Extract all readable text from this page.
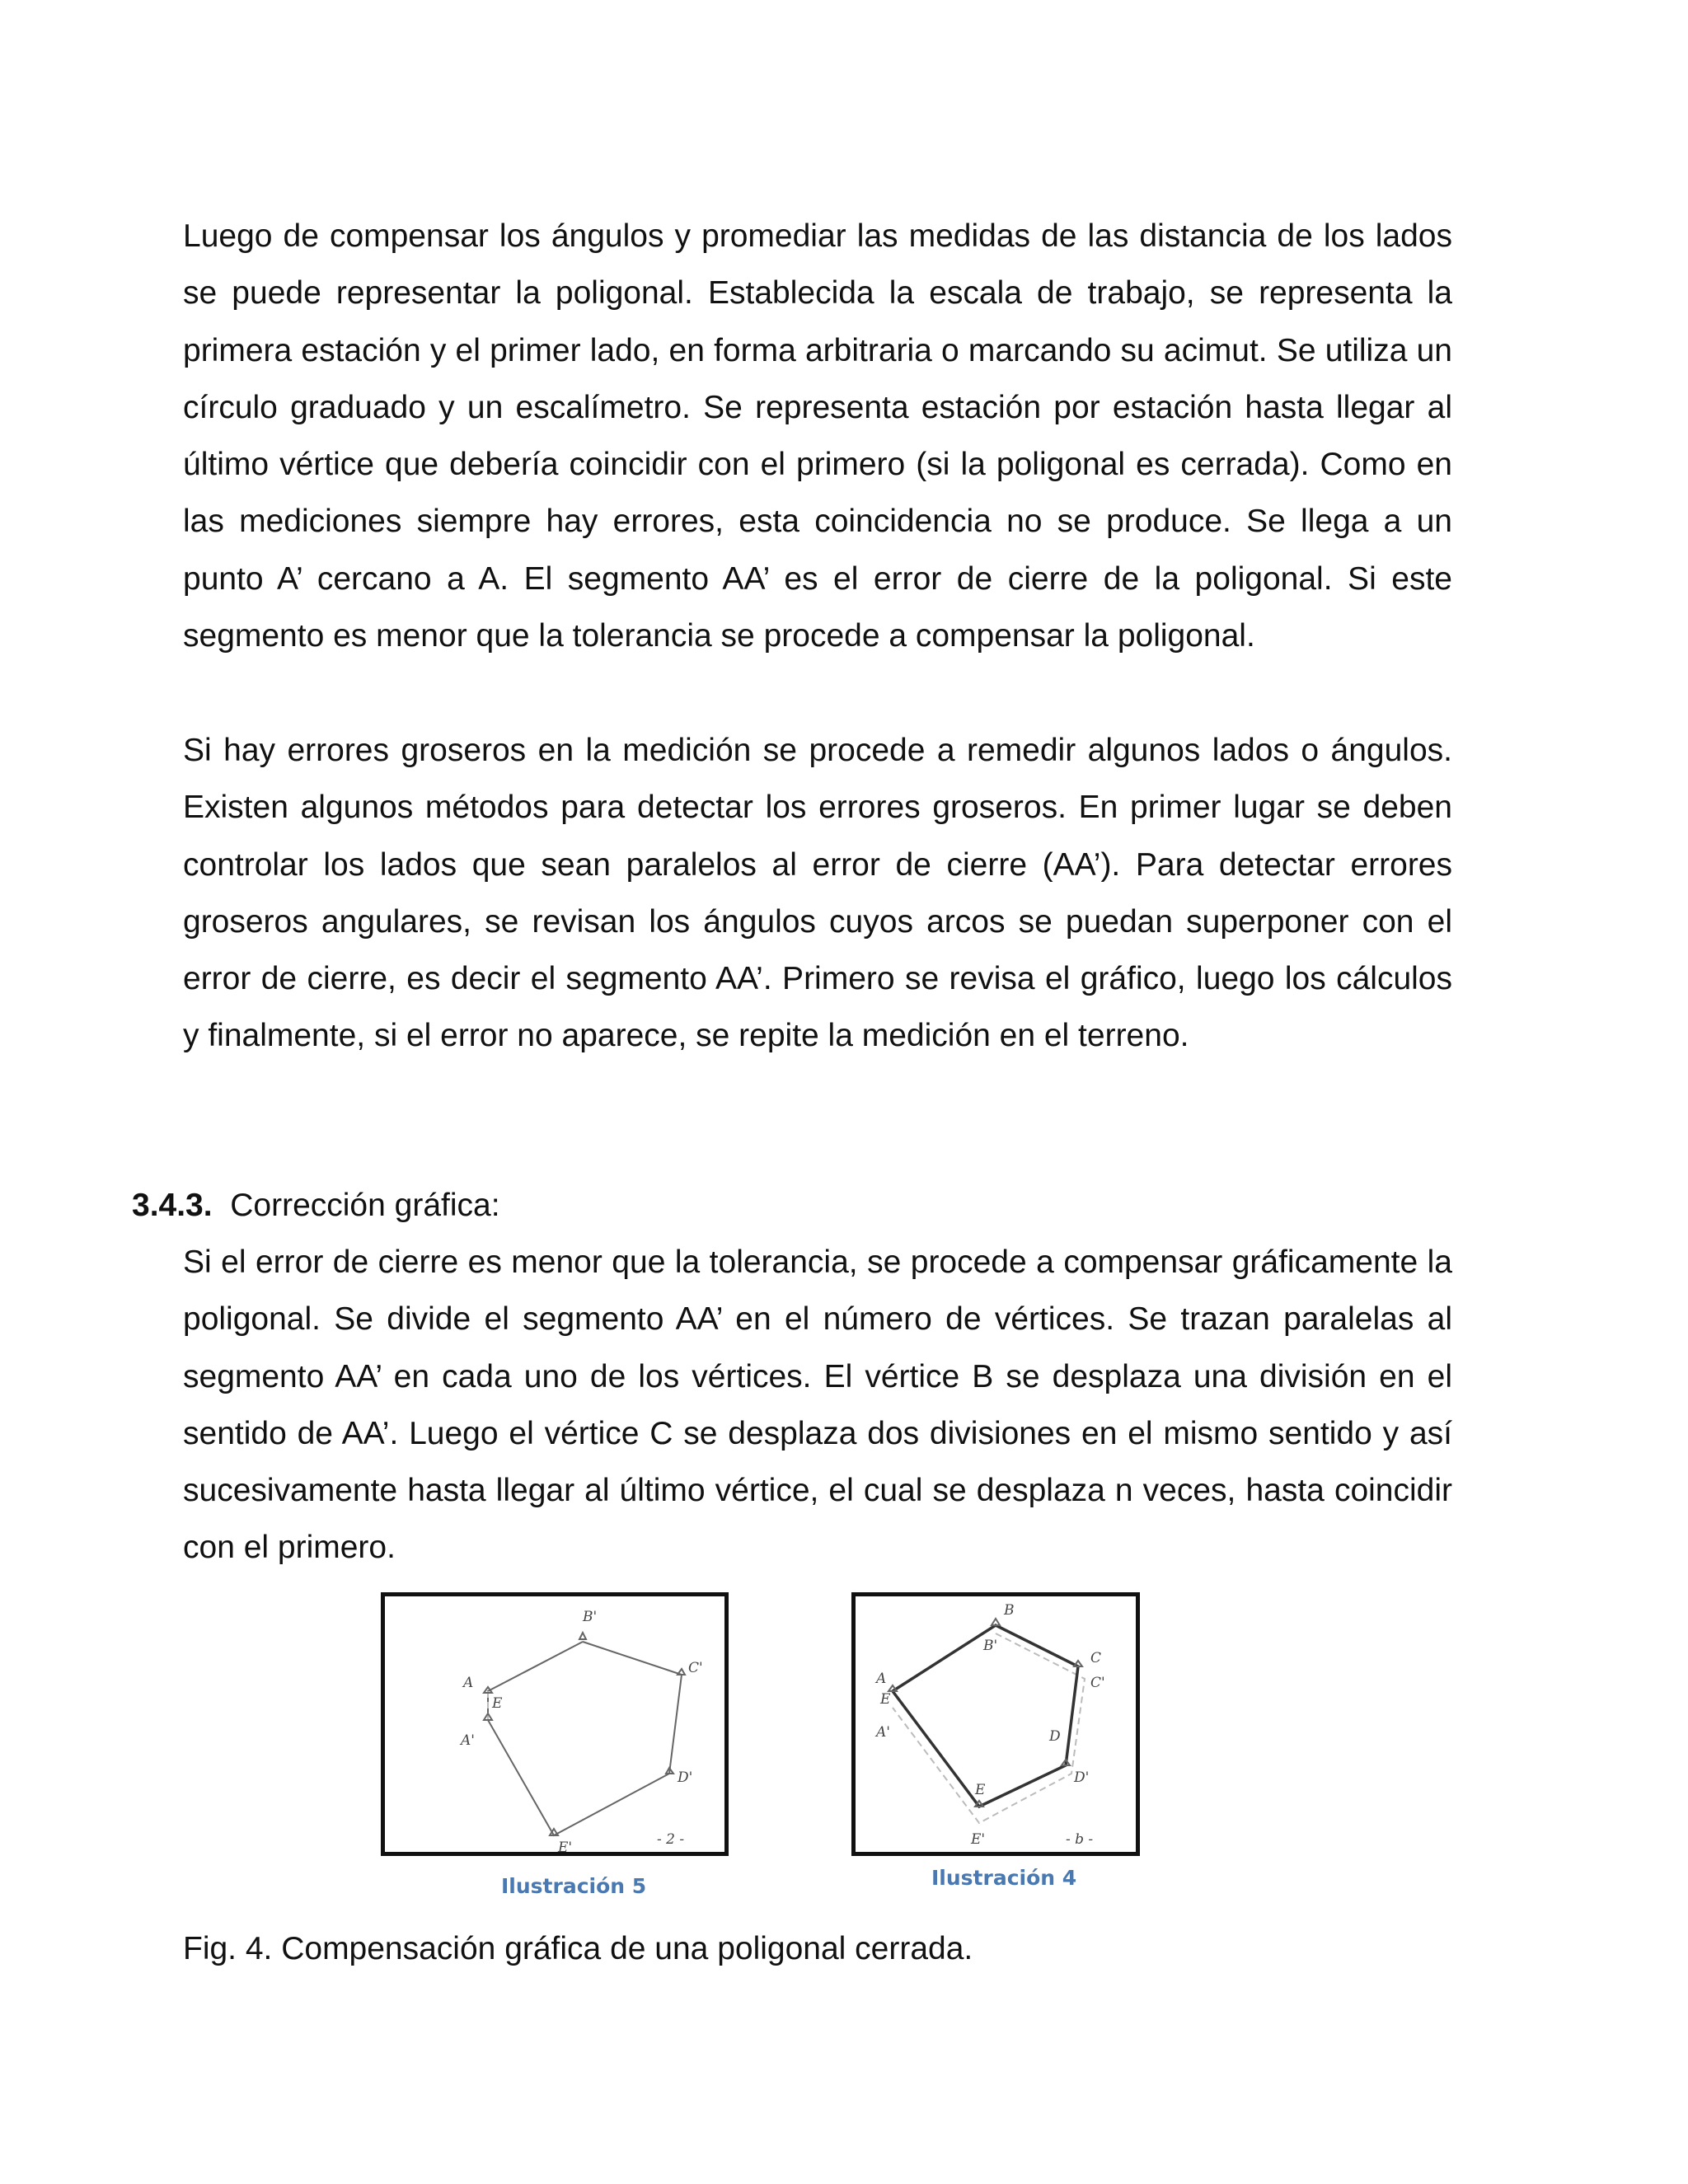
Luego de compensar los ángulos y promediar las medidas de las distancia de los lados se puede representar la poligonal. Establecida la escala de trabajo, se representa la primera estación y el primer lado, en forma arbitraria o marcando su acimut. Se utiliza un círculo graduado y un escalímetro. Se representa estación por estación hasta llegar al último vértice que debería coincidir con el primero (si la poligonal es cerrada). Como en las mediciones siempre hay errores, esta coincidencia no se produce. Se llega a un punto A’ cercano a A. El segmento AA’ es el error de cierre de la poligonal. Si este segmento es menor que la tolerancia se procede a compensar la poligonal.

Si hay errores groseros en la medición se procede a remedir algunos lados o ángulos. Existen algunos métodos para detectar los errores groseros. En primer lugar se deben controlar los lados que sean paralelos al error de cierre (AA’). Para detectar errores groseros angulares, se revisan los ángulos cuyos arcos se puedan superponer con el error de cierre, es decir el segmento AA’. Primero se revisa el gráfico, luego los cálculos y finalmente, si el error no aparece, se repite la medición en el terreno.

3.4.3. Corrección gráfica:

Si el error de cierre es menor que la tolerancia, se procede a compensar gráficamente la poligonal. Se divide el segmento AA’ en el número de vértices. Se trazan paralelas al segmento AA’ en cada uno de los vértices. El vértice B se desplaza una división en el sentido de AA’. Luego el vértice C se desplaza dos divisiones en el mismo sentido y así sucesivamente hasta llegar al último vértice, el cual se desplaza n veces, hasta coincidir con el primero.

B'
C'
D'
E'
A
A'
E
- 2 -
B
B'
C
C'
D
D'
E
E'
A
A'
E
- b -
Ilustración 5	Ilustración 4

Fig. 4. Compensación gráfica de una poligonal cerrada.
